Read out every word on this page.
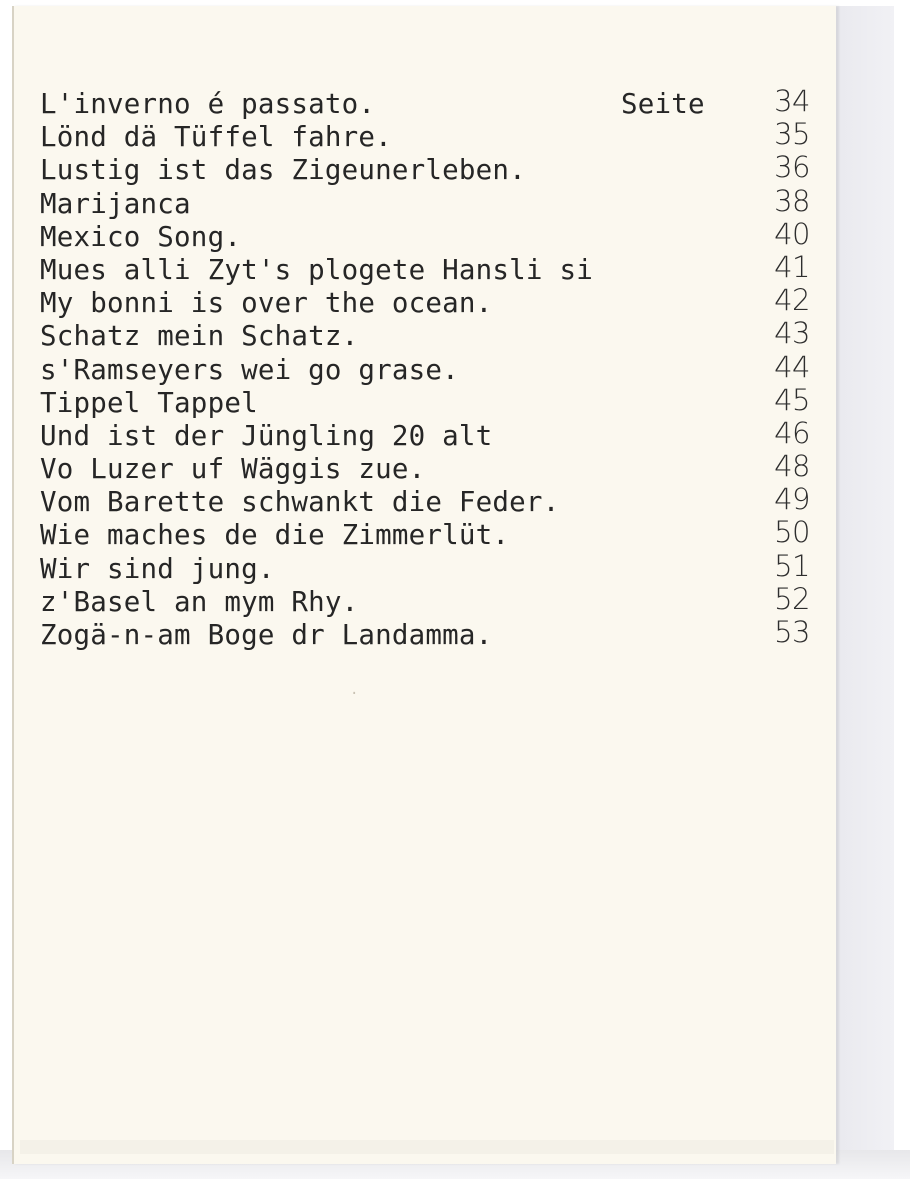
L'inverno é passato.	Seite	34
Lönd dä Tüffel fahre.	35
Lustig ist das Zigeunerleben.	36
Marijanca	38
Mexico Song.	40
Mues alli Zyt's plogete Hansli si	41
My bonni is over the ocean.	42
Schatz mein Schatz.	43
s'Ramseyers wei go grase.	44
Tippel Tappel	45
Und ist der Jüngling 20 alt	46
Vo Luzer uf Wäggis zue.	48
Vom Barette schwankt die Feder.	49
Wie maches de die Zimmerlüt.	50
Wir sind jung.	51
z'Basel an mym Rhy.	52
Zogä-n-am Boge dr Landamma.	53
·
